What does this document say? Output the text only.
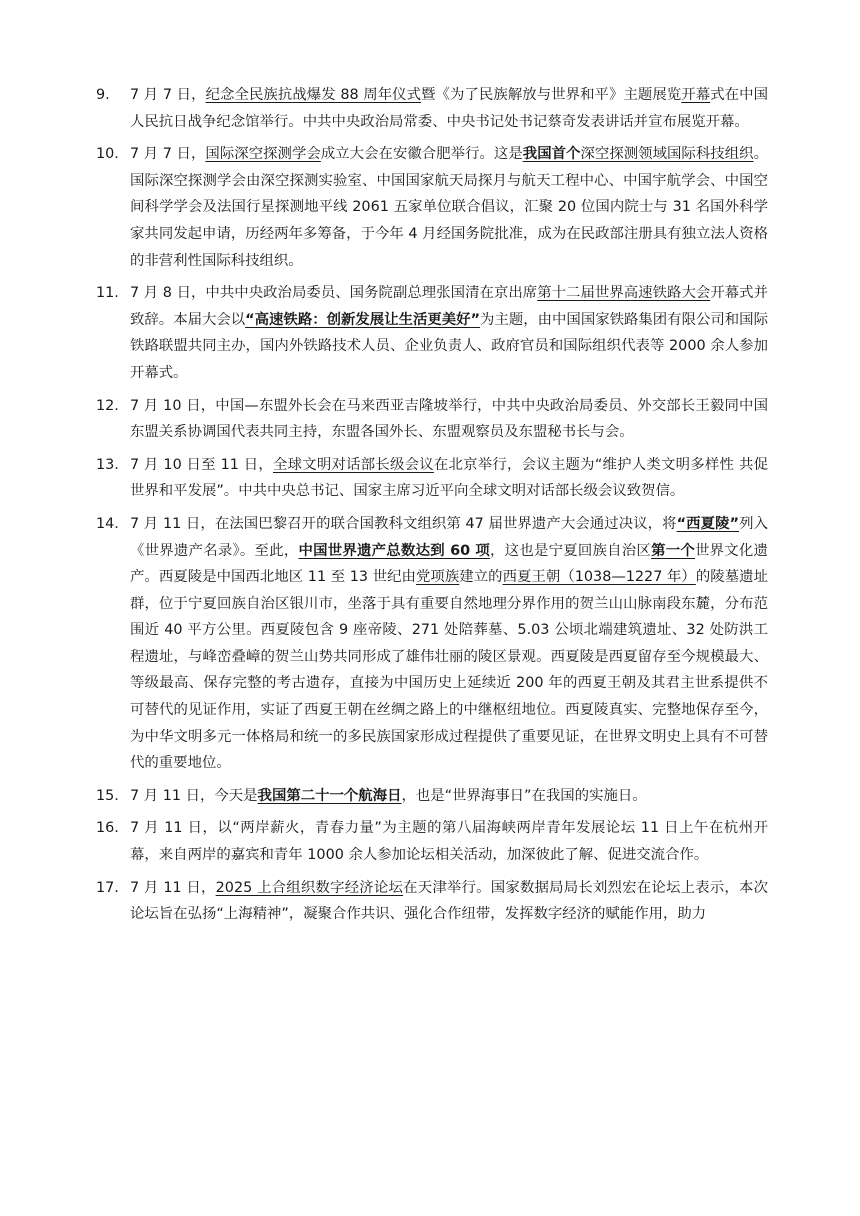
9.	7 月 7 日，纪念全民族抗战爆发 88 周年仪式暨《为了民族解放与世界和平》主题展览开幕式在中国人民抗日战争纪念馆举行。中共中央政治局常委、中央书记处书记蔡奇发表讲话并宣布展览开幕。
10. 7 月 7 日，国际深空探测学会成立大会在安徽合肥举行。这是我国首个深空探测领域国际科技组织。国际深空探测学会由深空探测实验室、中国国家航天局探月与航天工程中心、中国宇航学会、中国空间科学学会及法国行星探测地平线 2061 五家单位联合倡议，汇聚 20 位国内院士与 31 名国外科学家共同发起申请，历经两年多筹备，于今年 4 月经国务院批准，成为在民政部注册具有独立法人资格的非营利性国际科技组织。
11. 7 月 8 日，中共中央政治局委员、国务院副总理张国清在京出席第十二届世界高速铁路大会开幕式并致辞。本届大会以“高速铁路：创新发展让生活更美好”为主题，由中国国家铁路集团有限公司和国际铁路联盟共同主办，国内外铁路技术人员、企业负责人、政府官员和国际组织代表等 2000 余人参加开幕式。
12. 7 月 10 日，中国—东盟外长会在马来西亚吉隆坡举行，中共中央政治局委员、外交部长王毅同中国东盟关系协调国代表共同主持，东盟各国外长、东盟观察员及东盟秘书长与会。
13. 7 月 10 日至 11 日，全球文明对话部长级会议在北京举行，会议主题为“维护人类文明多样性 共促世界和平发展”。中共中央总书记、国家主席习近平向全球文明对话部长级会议致贺信。
14. 7 月 11 日，在法国巴黎召开的联合国教科文组织第 47 届世界遗产大会通过决议，将“西夏陵”列入《世界遗产名录》。至此，中国世界遗产总数达到 60 项，这也是宁夏回族自治区第一个世界文化遗产。西夏陵是中国西北地区 11 至 13 世纪由党项族建立的西夏王朝（1038—1227 年）的陵墓遗址群，位于宁夏回族自治区银川市，坐落于具有重要自然地理分界作用的贺兰山山脉南段东麓，分布范围近 40 平方公里。西夏陵包含 9 座帝陵、271 处陪葬墓、5.03 公顷北端建筑遗址、32 处防洪工程遗址，与峰峦叠嶂的贺兰山势共同形成了雄伟壮丽的陵区景观。西夏陵是西夏留存至今规模最大、等级最高、保存完整的考古遗存，直接为中国历史上延续近 200 年的西夏王朝及其君主世系提供不可替代的见证作用，实证了西夏王朝在丝绸之路上的中继枢纽地位。西夏陵真实、完整地保存至今，为中华文明多元一体格局和统一的多民族国家形成过程提供了重要见证，在世界文明史上具有不可替代的重要地位。
15. 7 月 11 日，今天是我国第二十一个航海日，也是“世界海事日”在我国的实施日。
16. 7 月 11 日，以“两岸薪火，青春力量”为主题的第八届海峡两岸青年发展论坛 11 日上午在杭州开幕，来自两岸的嘉宾和青年 1000 余人参加论坛相关活动，加深彼此了解、促进交流合作。
17. 7 月 11 日，2025 上合组织数字经济论坛在天津举行。国家数据局局长刘烈宏在论坛上表示，本次论坛旨在弘扬“上海精神”，凝聚合作共识、强化合作纽带，发挥数字经济的赋能作用，助力
